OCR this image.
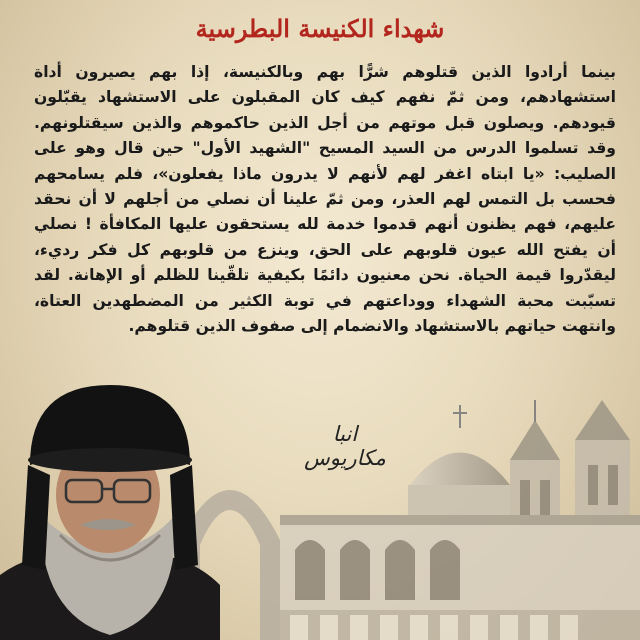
شهداء الكنيسة البطرسية

بينما أرادوا الذين قتلوهم شرًّا بهم وبالكنيسة، إذا بهم يصيرون أداة استشهادهم، ومن ثمّ نفهم كيف كان المقبلون على الاستشهاد يقبّلون قيودهم. ويصلون قبل موتهم من أجل الذين حاكموهم والذين سيقتلونهم. وقد تسلموا الدرس من السيد المسيح "الشهيد الأول" حين قال وهو على الصليب: «يا ابتاه اغفر لهم لأنهم لا يدرون ماذا يفعلون»، فلم يسامحهم فحسب بل التمس لهم العذر، ومن ثمّ علينا أن نصلي من أجلهم لا أن نحقد عليهم، فهم يظنون أنهم قدموا خدمة لله يستحقون عليها المكافأة ! نصلي أن يفتح الله عيون قلوبهم على الحق، وينزع من قلوبهم كل فكر رديء، ليقدّروا قيمة الحياة. نحن معنيون دائمًا بكيفية تلقّينا للظلم أو الإهانة. لقد تسبّبت محبة الشهداء ووداعتهم في توبة الكثير من المضطهدين العتاة، وانتهت حياتهم بالاستشهاد والانضمام إلى صفوف الذين قتلوهم.

انبا مكاريوس
